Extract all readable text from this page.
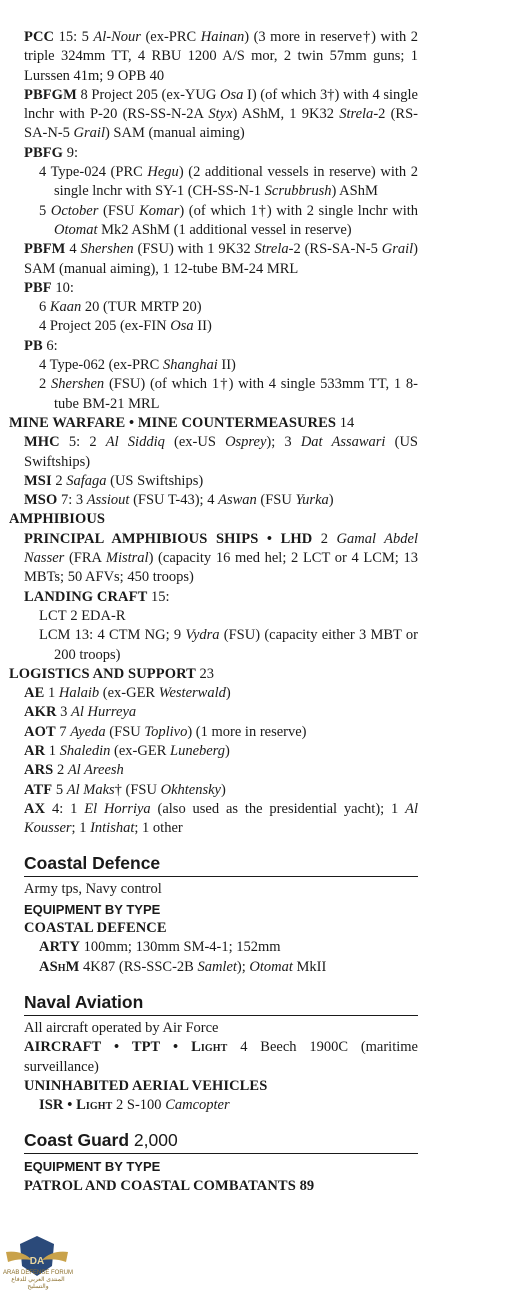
PCC 15: 5 Al-Nour (ex-PRC Hainan) (3 more in reserve†) with 2 triple 324mm TT, 4 RBU 1200 A/S mor, 2 twin 57mm guns; 1 Lurssen 41m; 9 OPB 40

PBFGM 8 Project 205 (ex-YUG Osa I) (of which 3†) with 4 single lnchr with P-20 (RS-SS-N-2A Styx) AShM, 1 9K32 Strela-2 (RS-SA-N-5 Grail) SAM (manual aiming)

PBFG 9:

4 Type-024 (PRC Hegu) (2 additional vessels in reserve) with 2 single lnchr with SY-1 (CH-SS-N-1 Scrubbrush) AShM

5 October (FSU Komar) (of which 1†) with 2 single lnchr with Otomat Mk2 AShM (1 additional vessel in reserve)

PBFM 4 Shershen (FSU) with 1 9K32 Strela-2 (RS-SA-N-5 Grail) SAM (manual aiming), 1 12-tube BM-24 MRL

PBF 10:

6 Kaan 20 (TUR MRTP 20)

4 Project 205 (ex-FIN Osa II)

PB 6:

4 Type-062 (ex-PRC Shanghai II)

2 Shershen (FSU) (of which 1†) with 4 single 533mm TT, 1 8-tube BM-21 MRL

MINE WARFARE • MINE COUNTERMEASURES 14

MHC 5: 2 Al Siddiq (ex-US Osprey); 3 Dat Assawari (US Swiftships)

MSI 2 Safaga (US Swiftships)

MSO 7: 3 Assiout (FSU T-43); 4 Aswan (FSU Yurka)

AMPHIBIOUS

PRINCIPAL AMPHIBIOUS SHIPS • LHD 2 Gamal Abdel Nasser (FRA Mistral) (capacity 16 med hel; 2 LCT or 4 LCM; 13 MBTs; 50 AFVs; 450 troops)

LANDING CRAFT 15:

LCT 2 EDA-R

LCM 13: 4 CTM NG; 9 Vydra (FSU) (capacity either 3 MBT or 200 troops)

LOGISTICS AND SUPPORT 23

AE 1 Halaib (ex-GER Westerwald)

AKR 3 Al Hurreya

AOT 7 Ayeda (FSU Toplivo) (1 more in reserve)

AR 1 Shaledin (ex-GER Luneberg)

ARS 2 Al Areesh

ATF 5 Al Maks† (FSU Okhtensky)

AX 4: 1 El Horriya (also used as the presidential yacht); 1 Al Kousser; 1 Intishat; 1 other

Coastal Defence

Army tps, Navy control

EQUIPMENT BY TYPE

COASTAL DEFENCE

ARTY 100mm; 130mm SM-4-1; 152mm

AShM 4K87 (RS-SSC-2B Samlet); Otomat MkII

Naval Aviation

All aircraft operated by Air Force

AIRCRAFT • TPT • Light 4 Beech 1900C (maritime surveillance)

UNINHABITED AERIAL VEHICLES

ISR • Light 2 S-100 Camcopter

Coast Guard 2,000
EQUIPMENT BY TYPE

PATROL AND COASTAL COMBATANTS 89

DA
ARAB DEFENSE FORUM
المنتدى العربي للدفاع والتسليح
